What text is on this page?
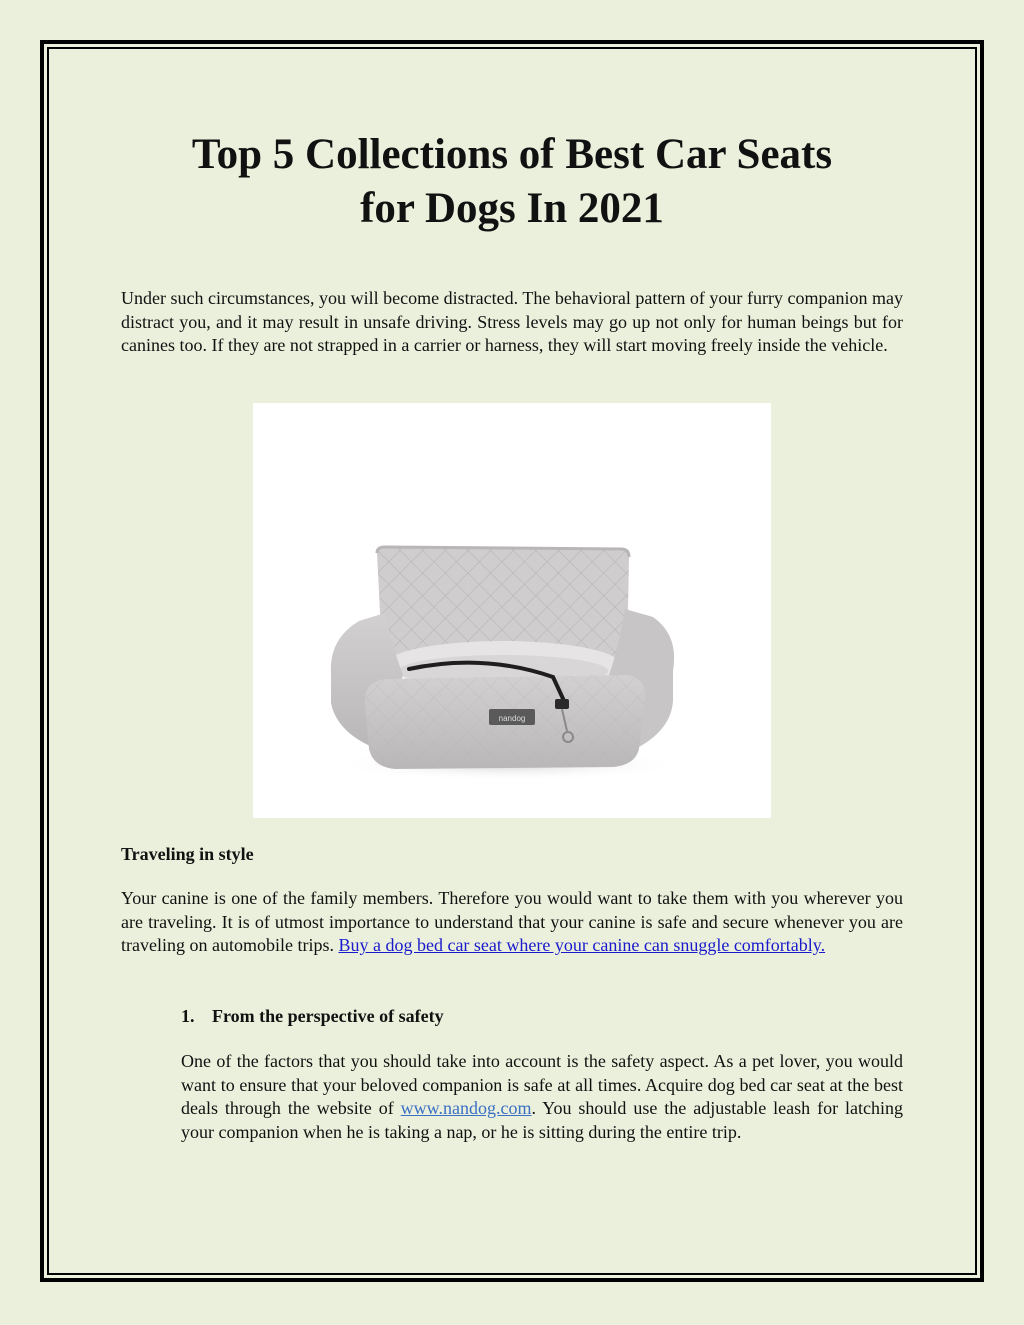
Top 5 Collections of Best Car Seats
for Dogs In 2021

Under such circumstances, you will become distracted. The behavioral pattern of your furry companion may distract you, and it may result in unsafe driving. Stress levels may go up not only for human beings but for canines too. If they are not strapped in a carrier or harness, they will start moving freely inside the vehicle.

nandog

Traveling in style

Your canine is one of the family members. Therefore you would want to take them with you wherever you are traveling. It is of utmost importance to understand that your canine is safe and secure whenever you are traveling on automobile trips. Buy a dog bed car seat where your canine can snuggle comfortably.

1. From the perspective of safety

One of the factors that you should take into account is the safety aspect. As a pet lover, you would want to ensure that your beloved companion is safe at all times. Acquire dog bed car seat at the best deals through the website of www.nandog.com. You should use the adjustable leash for latching your companion when he is taking a nap, or he is sitting during the entire trip.
